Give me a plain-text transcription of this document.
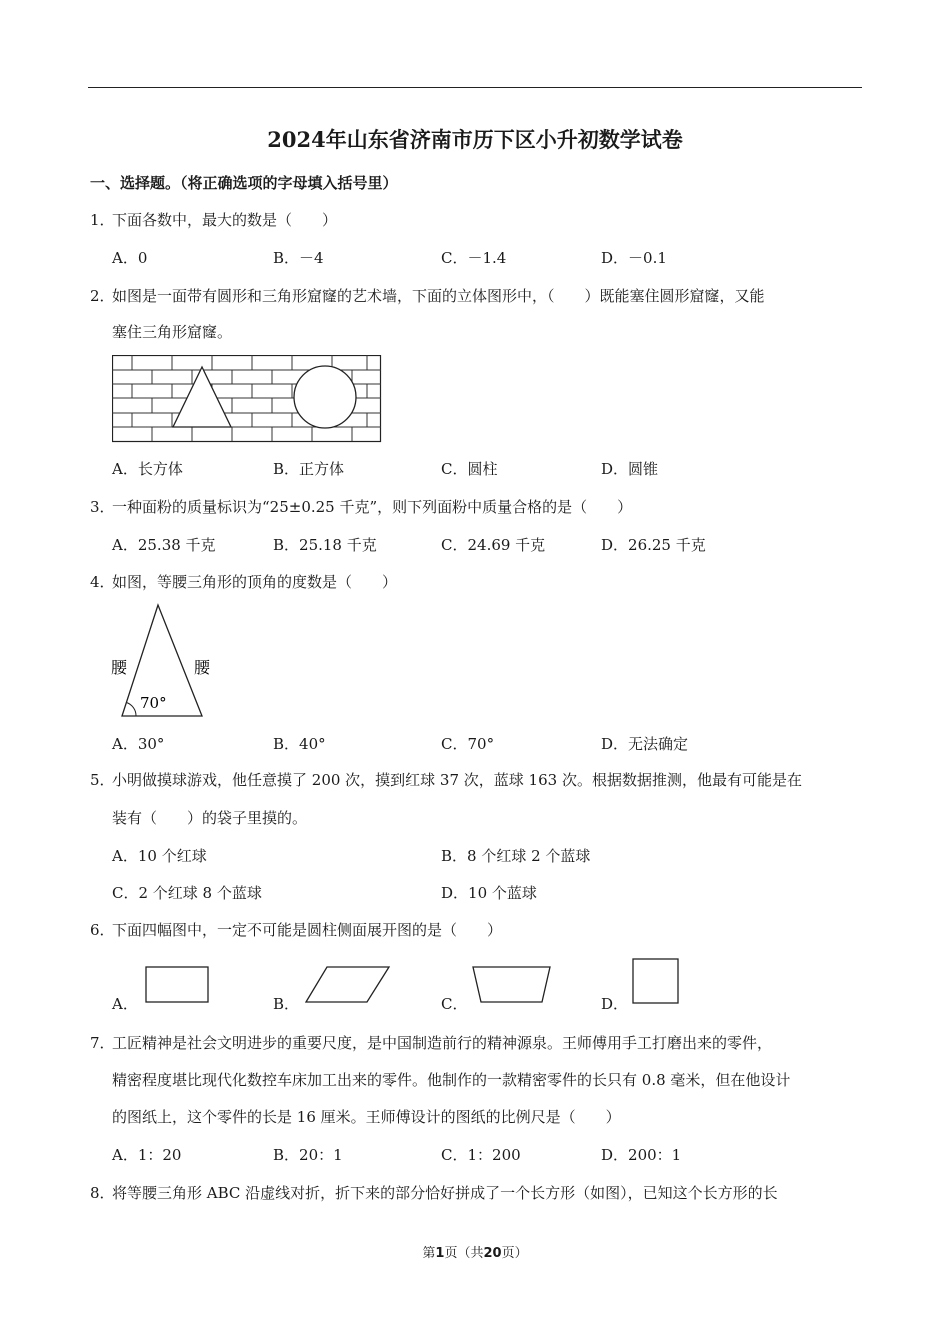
2024年山东省济南市历下区小升初数学试卷
一、选择题。（将正确选项的字母填入括号里）
1．下面各数中，最大的数是（　　）
A．0	B．－4	C．－1.4	D．－0.1
2．如图是一面带有圆形和三角形窟窿的艺术墙，下面的立体图形中，（　　）既能塞住圆形窟窿，又能
塞住三角形窟窿。
A．长方体	B．正方体	C．圆柱	D．圆锥
3．一种面粉的质量标识为“25±0.25 千克”，则下列面粉中质量合格的是（　　）
A．25.38 千克	B．25.18 千克	C．24.69 千克	D．26.25 千克
4．如图，等腰三角形的顶角的度数是（　　）
腰	腰
70°
A．30°	B．40°	C．70°	D．无法确定
5．小明做摸球游戏，他任意摸了 200 次，摸到红球 37 次，蓝球 163 次。根据数据推测，他最有可能是在
装有（　　）的袋子里摸的。
A．10 个红球	B．8 个红球 2 个蓝球
C．2 个红球 8 个蓝球	D．10 个蓝球
6．下面四幅图中，一定不可能是圆柱侧面展开图的是（　　）
A．	B．	C．	D．
7．工匠精神是社会文明进步的重要尺度，是中国制造前行的精神源泉。王师傅用手工打磨出来的零件，
精密程度堪比现代化数控车床加工出来的零件。他制作的一款精密零件的长只有 0.8 毫米，但在他设计
的图纸上，这个零件的长是 16 厘米。王师傅设计的图纸的比例尺是（　　）
A．1：20	B．20：1	C．1：200	D．200：1
8．将等腰三角形 ABC 沿虚线对折，折下来的部分恰好拼成了一个长方形（如图），已知这个长方形的长
第1页（共20页）
